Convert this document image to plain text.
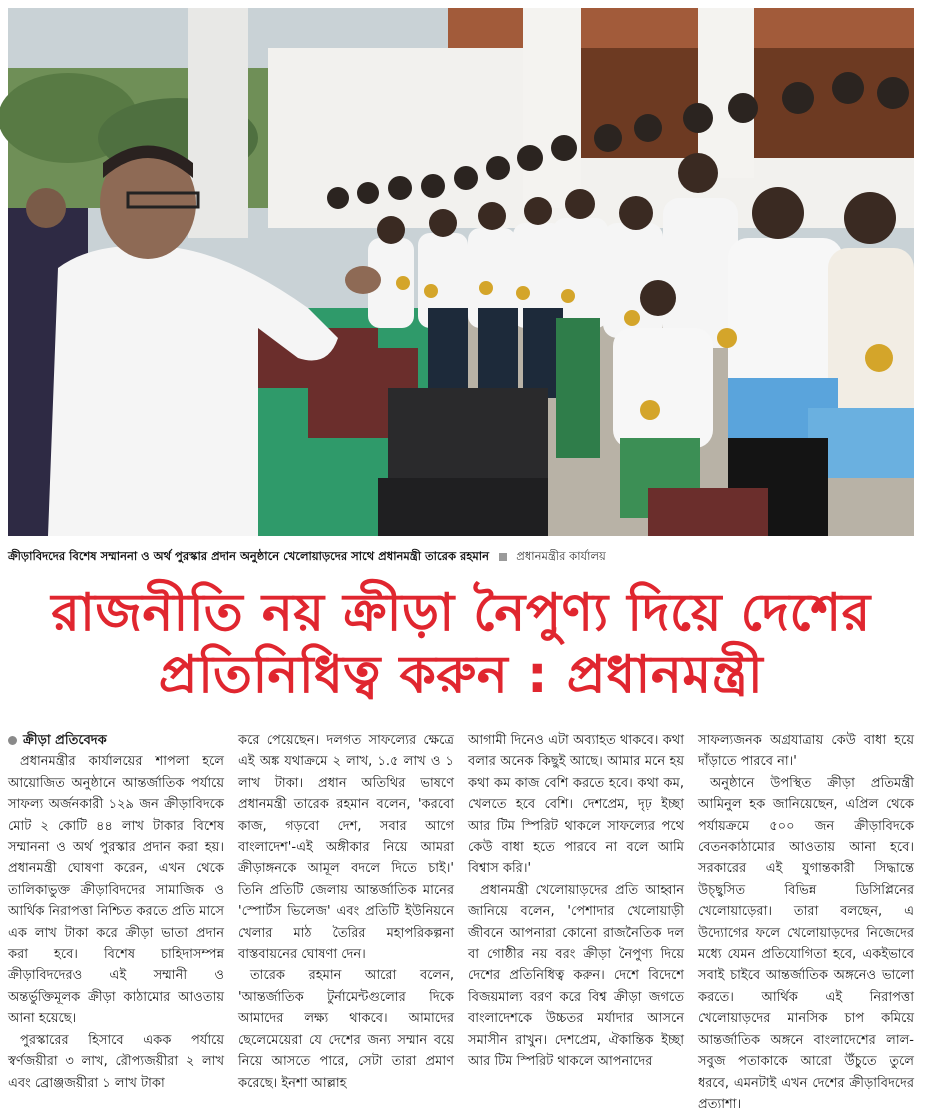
ক্রীড়াবিদদের বিশেষ সম্মাননা ও অর্থ পুরস্কার প্রদান অনুষ্ঠানে খেলোয়াড়দের সাথে প্রধানমন্ত্রী তারেক রহমান প্রধানমন্ত্রীর কার্যালয়
রাজনীতি নয় ক্রীড়া নৈপুণ্য দিয়ে দেশের
প্রতিনিধিত্ব করুন : প্রধানমন্ত্রী
ক্রীড়া প্রতিবেদক

প্রধানমন্ত্রীর কার্যালয়ের শাপলা হলে আয়োজিত অনুষ্ঠানে আন্তর্জাতিক পর্যায়ে সাফল্য অর্জনকারী ১২৯ জন ক্রীড়াবিদকে মোট ২ কোটি ৪৪ লাখ টাকার বিশেষ সম্মাননা ও অর্থ পুরস্কার প্রদান করা হয়। প্রধানমন্ত্রী ঘোষণা করেন, এখন থেকে তালিকাভুক্ত ক্রীড়াবিদদের সামাজিক ও আর্থিক নিরাপত্তা নিশ্চিত করতে প্রতি মাসে এক লাখ টাকা করে ক্রীড়া ভাতা প্রদান করা হবে। বিশেষ চাহিদাসম্পন্ন ক্রীড়াবিদদেরও এই সম্মানী ও অন্তর্ভুক্তিমূলক ক্রীড়া কাঠামোর আওতায় আনা হয়েছে।

পুরস্কারের হিসাবে একক পর্যায়ে স্বর্ণজয়ীরা ৩ লাখ, রৌপ্যজয়ীরা ২ লাখ এবং ব্রোঞ্জজয়ীরা ১ লাখ টাকা

করে পেয়েছেন। দলগত সাফল্যের ক্ষেত্রে এই অঙ্ক যথাক্রমে ২ লাখ, ১.৫ লাখ ও ১ লাখ টাকা। প্রধান অতিথির ভাষণে প্রধানমন্ত্রী তারেক রহমান বলেন, 'করবো কাজ, গড়বো দেশ, সবার আগে বাংলাদেশ'-এই অঙ্গীকার নিয়ে আমরা ক্রীড়াঙ্গনকে আমূল বদলে দিতে চাই।' তিনি প্রতিটি জেলায় আন্তর্জাতিক মানের 'স্পোর্টস ভিলেজ' এবং প্রতিটি ইউনিয়নে খেলার মাঠ তৈরির মহাপরিকল্পনা বাস্তবায়নের ঘোষণা দেন।

তারেক রহমান আরো বলেন, 'আন্তর্জাতিক টুর্নামেন্টগুলোর দিকে আমাদের লক্ষ্য থাকবে। আমাদের ছেলেমেয়েরা যে দেশের জন্য সম্মান বয়ে নিয়ে আসতে পারে, সেটা তারা প্রমাণ করেছে। ইনশা আল্লাহ

আগামী দিনেও এটা অব্যাহত থাকবে। কথা বলার অনেক কিছুই আছে। আমার মনে হয় কথা কম কাজ বেশি করতে হবে। কথা কম, খেলতে হবে বেশি। দেশপ্রেম, দৃঢ় ইচ্ছা আর টিম স্পিরিট থাকলে সাফল্যের পথে কেউ বাধা হতে পারবে না বলে আমি বিশ্বাস করি।'

প্রধানমন্ত্রী খেলোয়াড়দের প্রতি আহ্বান জানিয়ে বলেন, 'পেশাদার খেলোয়াড়ী জীবনে আপনারা কোনো রাজনৈতিক দল বা গোষ্ঠীর নয় বরং ক্রীড়া নৈপুণ্য দিয়ে দেশের প্রতিনিধিত্ব করুন। দেশে বিদেশে বিজয়মাল্য বরণ করে বিশ্ব ক্রীড়া জগতে বাংলাদেশকে উচ্চতর মর্যাদার আসনে সমাসীন রাখুন। দেশপ্রেম, ঐকান্তিক ইচ্ছা আর টিম স্পিরিট থাকলে আপনাদের

সাফল্যজনক অগ্রযাত্রায় কেউ বাধা হয়ে দাঁড়াতে পারবে না।'

অনুষ্ঠানে উপস্থিত ক্রীড়া প্রতিমন্ত্রী আমিনুল হক জানিয়েছেন, এপ্রিল থেকে পর্যায়ক্রমে ৫০০ জন ক্রীড়াবিদকে বেতনকাঠামোর আওতায় আনা হবে। সরকারের এই যুগান্তকারী সিদ্ধান্তে উচ্ছ্বসিত বিভিন্ন ডিসিপ্লিনের খেলোয়াড়েরা। তারা বলছেন, এ উদ্যোগের ফলে খেলোয়াড়দের নিজেদের মধ্যে যেমন প্রতিযোগিতা হবে, একইভাবে সবাই চাইবে আন্তর্জাতিক অঙ্গনেও ভালো করতে। আর্থিক এই নিরাপত্তা খেলোয়াড়দের মানসিক চাপ কমিয়ে আন্তর্জাতিক অঙ্গনে বাংলাদেশের লাল-সবুজ পতাকাকে আরো উঁচুতে তুলে ধরবে, এমনটাই এখন দেশের ক্রীড়াবিদদের প্রত্যাশা।
